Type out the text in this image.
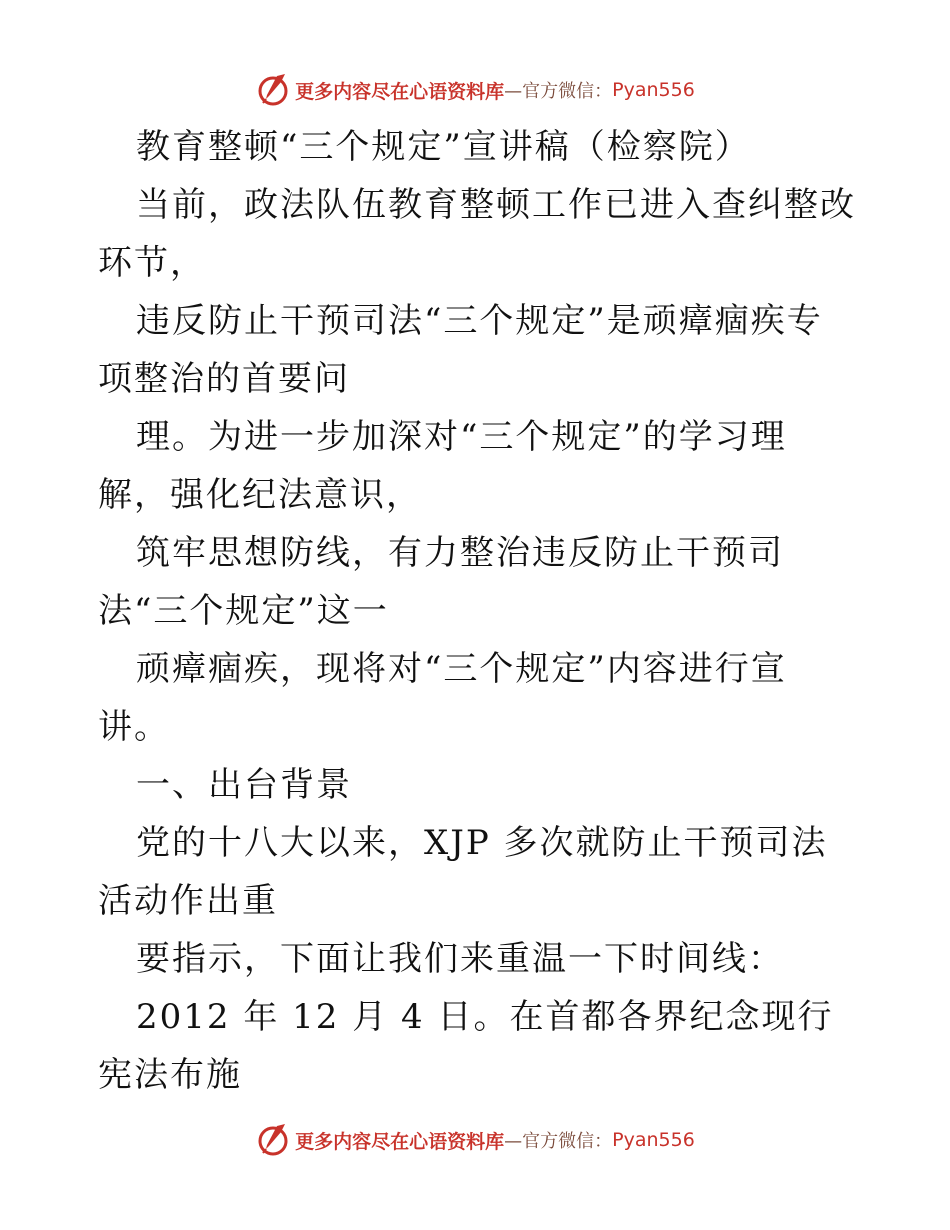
更多内容尽在心语资料库 —官方微信： Pyan556

教育整顿“三个规定”宣讲稿（检察院）

当前，政法队伍教育整顿工作已进入查纠整改环节，

违反防止干预司法“三个规定”是顽瘴痼疾专项整治的首要问

理。为进一步加深对“三个规定”的学习理解，强化纪法意识，

筑牢思想防线，有力整治违反防止干预司法“三个规定”这一

顽瘴痼疾，现将对“三个规定”内容进行宣讲。

一、出台背景

党的十八大以来，XJP 多次就防止干预司法活动作出重

要指示，下面让我们来重温一下时间线：

2012 年 12 月 4 日。在首都各界纪念现行宪法布施

更多内容尽在心语资料库 —官方微信： Pyan556
